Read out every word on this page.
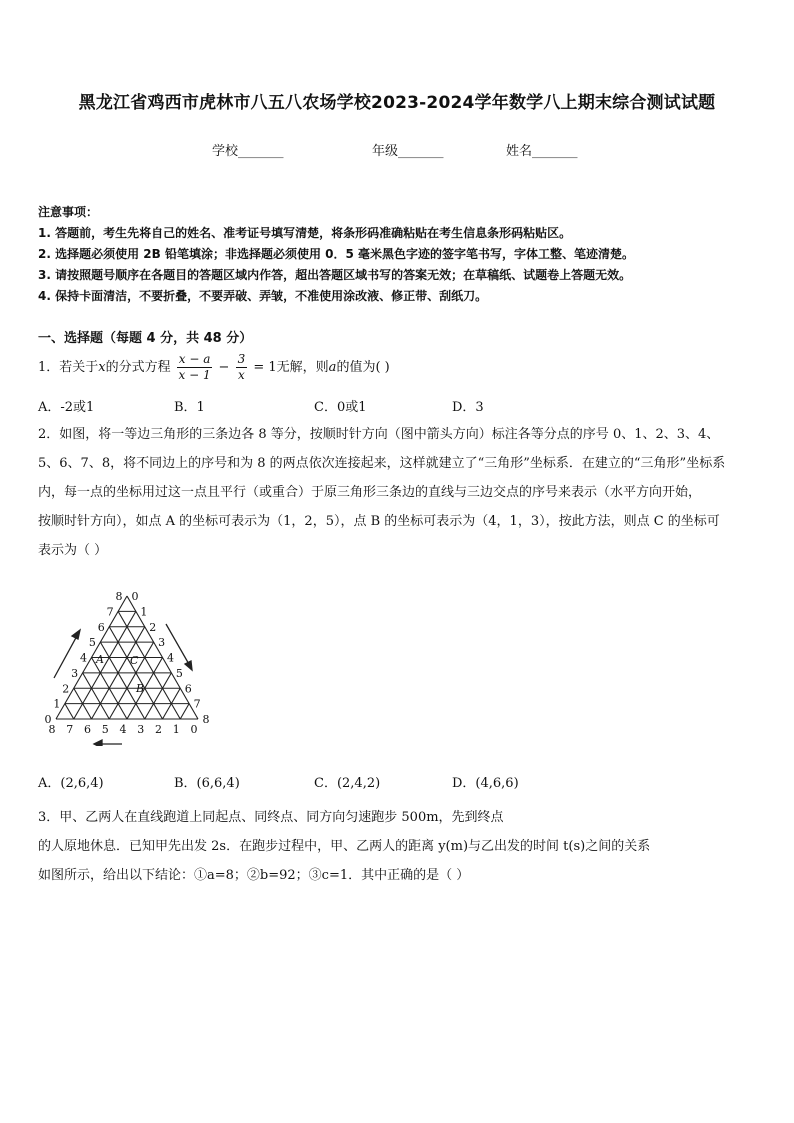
黑龙江省鸡西市虎林市八五八农场学校2023-2024学年数学八上期末综合测试试题
学校_______	年级_______	姓名_______
注意事项：
1. 答题前，考生先将自己的姓名、准考证号填写清楚，将条形码准确粘贴在考生信息条形码粘贴区。
2. 选择题必须使用 2B 铅笔填涂；非选择题必须使用 0．5 毫米黑色字迹的签字笔书写，字体工整、笔迹清楚。
3. 请按照题号顺序在各题目的答题区域内作答，超出答题区域书写的答案无效；在草稿纸、试题卷上答题无效。
4. 保持卡面清洁，不要折叠，不要弄破、弄皱，不准使用涂改液、修正带、刮纸刀。
一、选择题（每题 4 分，共 48 分）
1．若关于x的分式方程 $\frac{x - a}{x - 1} - \frac{3}{x} = 1$无解，则a的值为( )
A．-2或1	B．1	C．0或1	D．3
2．如图，将一等边三角形的三条边各 8 等分，按顺时针方向（图中箭头方向）标注各等分点的序号 0、1、2、3、4、
5、6、7、8，将不同边上的序号和为 8 的两点依次连接起来，这样就建立了“三角形”坐标系．在建立的“三角形”坐标系
内，每一点的坐标用过这一点且平行（或重合）于原三角形三条边的直线与三边交点的序号来表示（水平方向开始，
按顺时针方向），如点 A 的坐标可表示为（1，2，5），点 B 的坐标可表示为（4，1，3），按此方法，则点 C 的坐标可
表示为（ ）
0
1
2
3
4
5
6
7
8 0
1
2
3
4
5
6
7
8
8 7 6 5 4 3 2 1 0
A
B
C
A．(2,6,4)	B．(6,6,4)	C．(2,4,2)	D．(4,6,6)
3．甲、乙两人在直线跑道上同起点、同终点、同方向匀速跑步 500m，先到终点
的人原地休息．已知甲先出发 2s．在跑步过程中，甲、乙两人的距离 y(m)与乙出发的时间 t(s)之间的关系
如图所示，给出以下结论：①a=8；②b=92；③c=1．其中正确的是（ ）
